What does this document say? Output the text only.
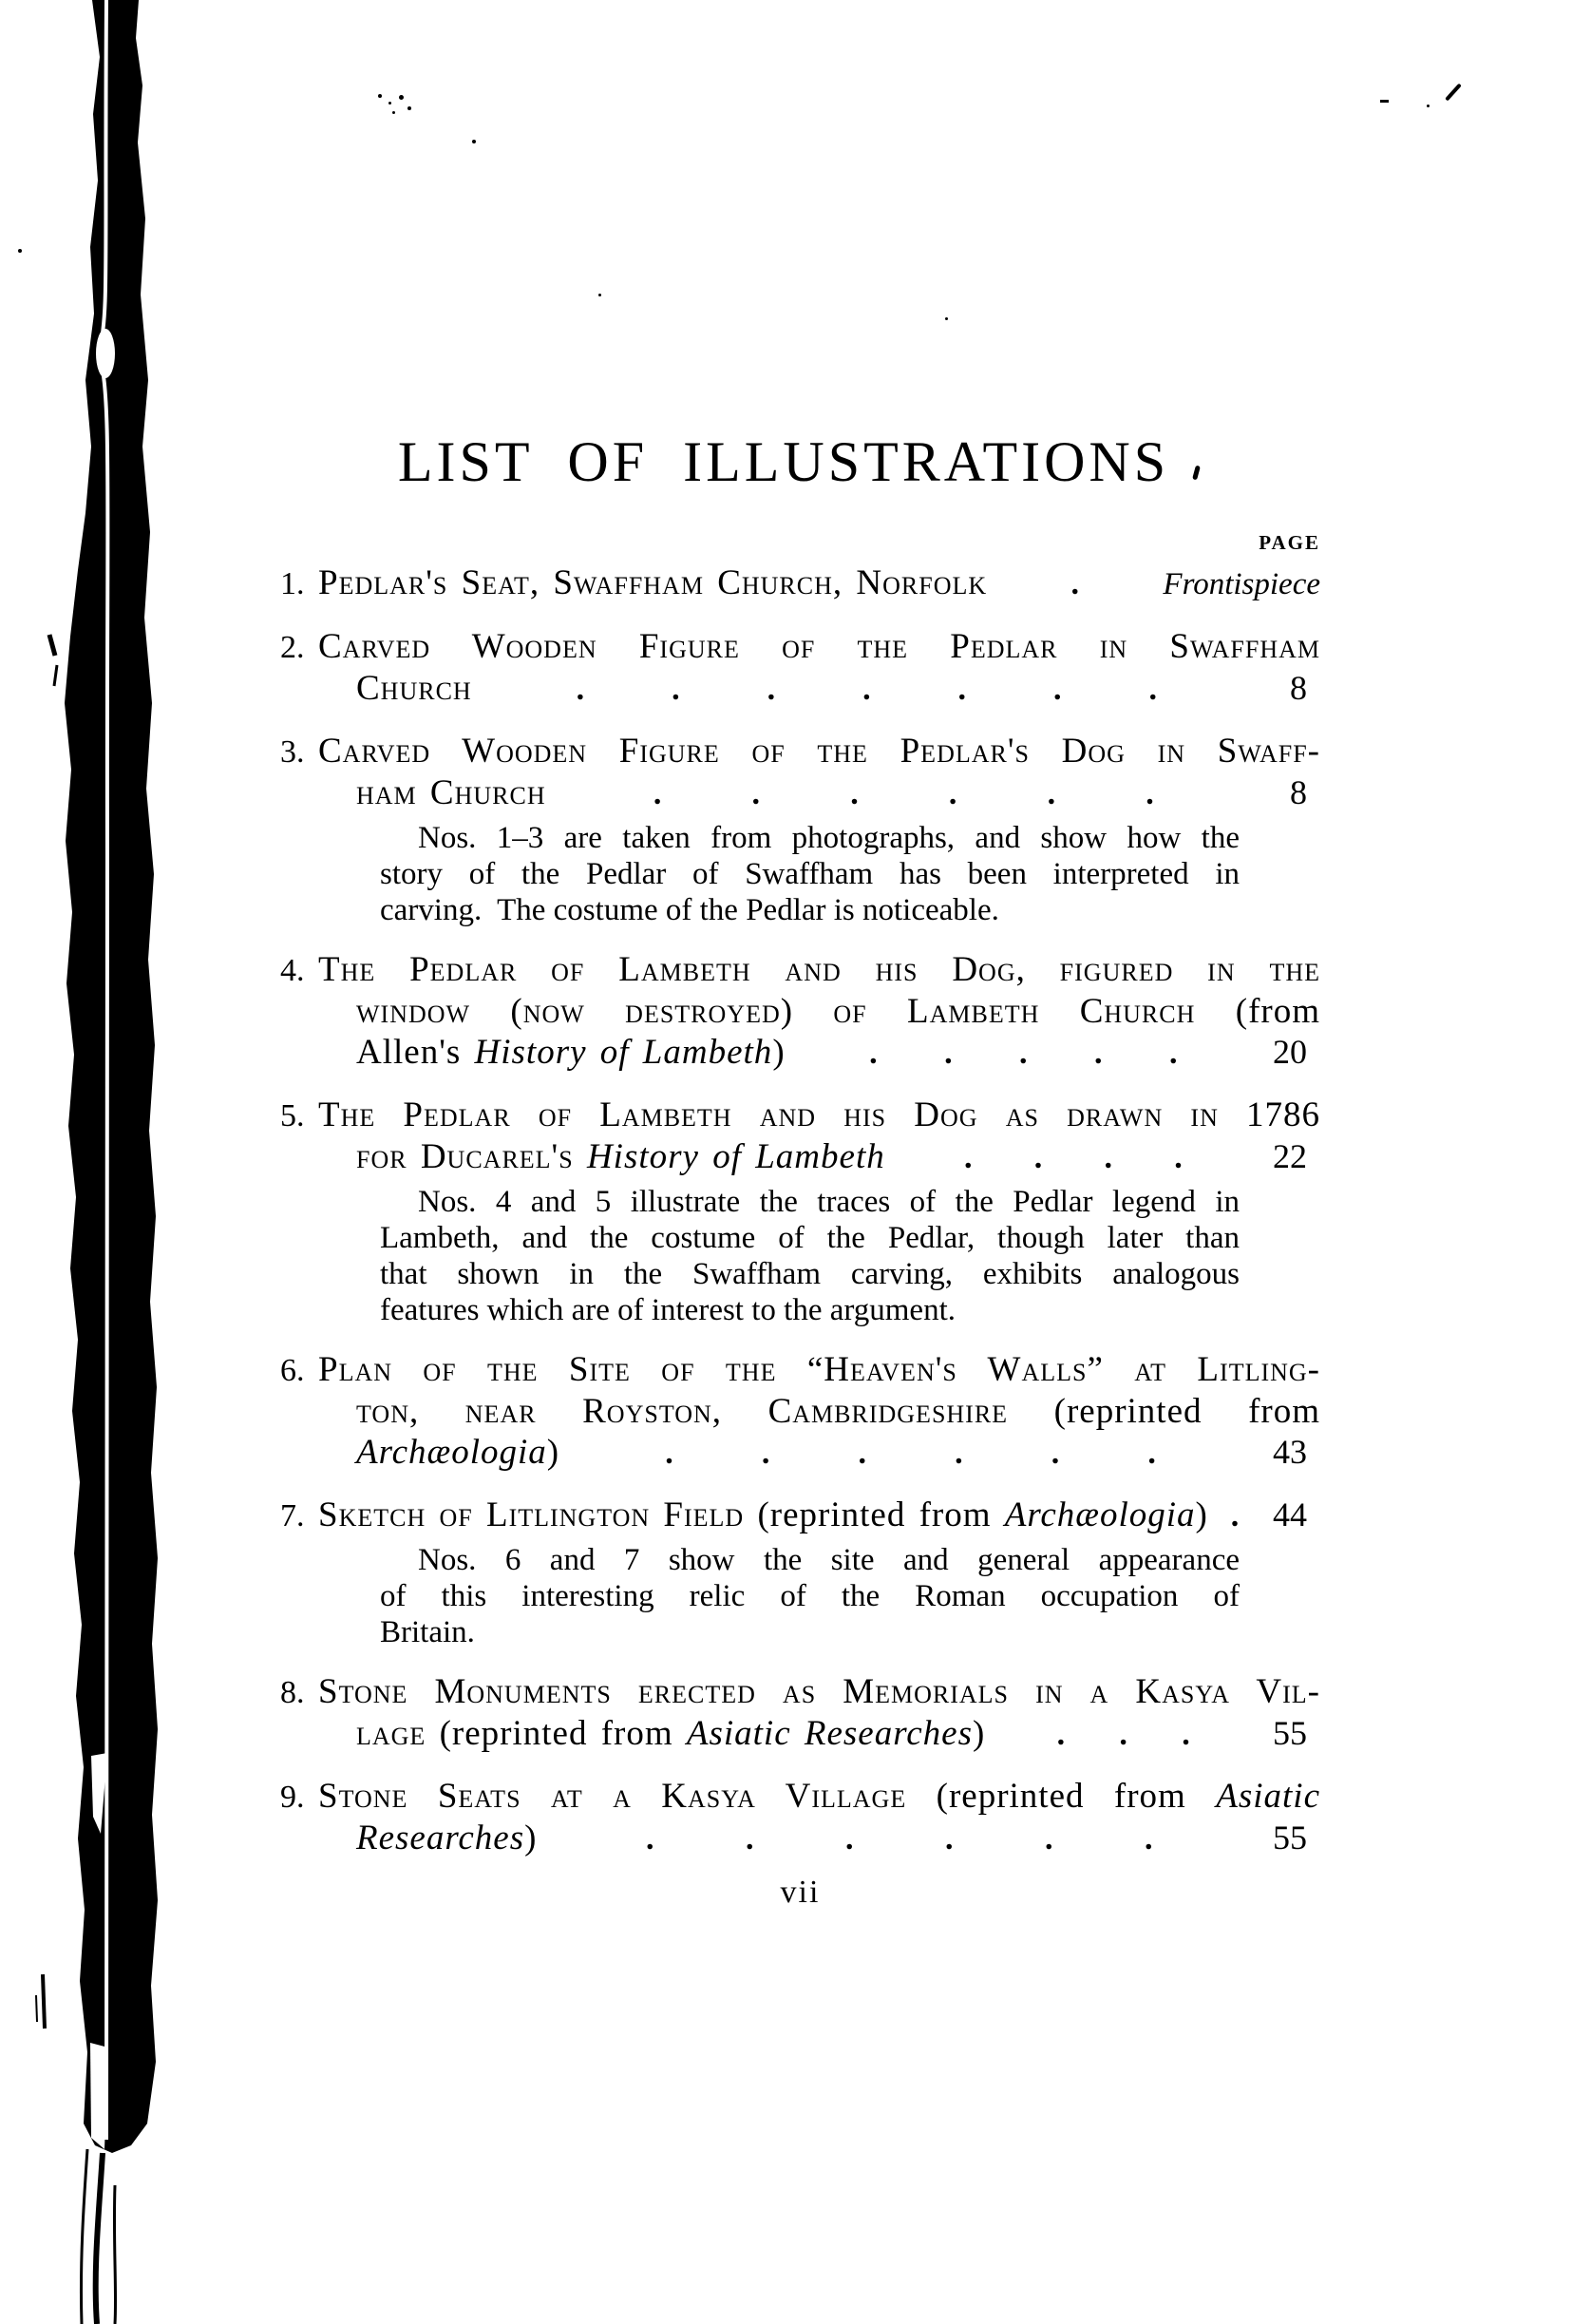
LIST OF ILLUSTRATIONS
PAGE
1. Pedlar's Seat, Swaffham Church, Norfolk	.	Frontispiece
2. Carved Wooden Figure of the Pedlar in Swaffham
Church	.	.	.	.	.	.	.	8
3. Carved Wooden Figure of the Pedlar's Dog in Swaff-
ham Church	.	.	.	.	.	.	8
Nos. 1–3 are taken from photographs, and show how the
story of the Pedlar of Swaffham has been interpreted in
carving.  The costume of the Pedlar is noticeable.
4. The Pedlar of Lambeth and his Dog, figured in the
window (now destroyed) of Lambeth Church (from
Allen's History of Lambeth)	. . . . .	20
5. The Pedlar of Lambeth and his Dog as drawn in 1786
for Ducarel's History of Lambeth . . . .	22
Nos. 4 and 5 illustrate the traces of the Pedlar legend in
Lambeth, and the costume of the Pedlar, though later than
that shown in the Swaffham carving, exhibits analogous
features which are of interest to the argument.
6. Plan of the Site of the “Heaven's Walls” at Litling-
ton, near Royston, Cambridgeshire (reprinted from
Archæologia)	.	.	.	.	.	.	43
7. Sketch of Litlington Field (reprinted from Archæologia) . 44
Nos. 6 and 7 show the site and general appearance
of this interesting relic of the Roman occupation of
Britain.
8. Stone Monuments erected as Memorials in a Kasya Vil-
lage (reprinted from Asiatic Researches) . . .	55
9. Stone Seats at a Kasya Village (reprinted from Asiatic
Researches)	.	.	.	.	.	.	55
vii
